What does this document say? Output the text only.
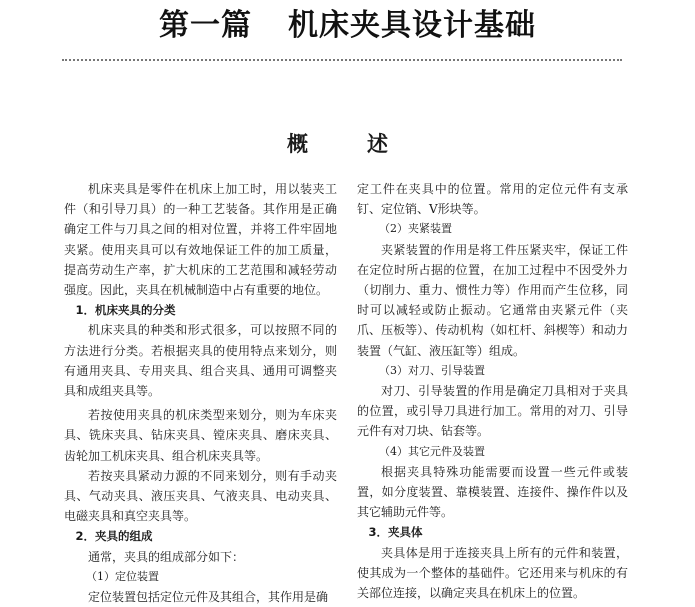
第一篇 机床夹具设计基础
概	述

机床夹具是零件在机床上加工时，用以装夹工件（和引导刀具）的一种工艺装备。其作用是正确确定工件与刀具之间的相对位置，并将工件牢固地夹紧。使用夹具可以有效地保证工件的加工质量，提高劳动生产率，扩大机床的工艺范围和减轻劳动强度。因此，夹具在机械制造中占有重要的地位。

1．机床夹具的分类

机床夹具的种类和形式很多，可以按照不同的方法进行分类。若根据夹具的使用特点来划分，则有通用夹具、专用夹具、组合夹具、通用可调整夹具和成组夹具等。

若按使用夹具的机床类型来划分，则为车床夹具、铣床夹具、钻床夹具、镗床夹具、磨床夹具、齿轮加工机床夹具、组合机床夹具等。

若按夹具紧动力源的不同来划分，则有手动夹具、气动夹具、液压夹具、气液夹具、电动夹具、电磁夹具和真空夹具等。

2．夹具的组成

通常，夹具的组成部分如下：

（1）定位装置

定位装置包括定位元件及其组合，其作用是确

定工件在夹具中的位置。常用的定位元件有支承钉、定位销、V形块等。

（2）夹紧装置

夹紧装置的作用是将工件压紧夹牢，保证工件在定位时所占据的位置，在加工过程中不因受外力（切削力、重力、惯性力等）作用而产生位移，同时可以减轻或防止振动。它通常由夹紧元件（夹爪、压板等）、传动机构（如杠杆、斜楔等）和动力装置（气缸、液压缸等）组成。

（3）对刀、引导装置

对刀、引导装置的作用是确定刀具相对于夹具的位置，或引导刀具进行加工。常用的对刀、引导元件有对刀块、钻套等。

（4）其它元件及装置

根据夹具特殊功能需要而设置一些元件或装置，如分度装置、靠模装置、连接件、操作件以及其它辅助元件等。

3．夹具体

夹具体是用于连接夹具上所有的元件和装置，使其成为一个整体的基础件。它还用来与机床的有关部位连接，以确定夹具在机床上的位置。
